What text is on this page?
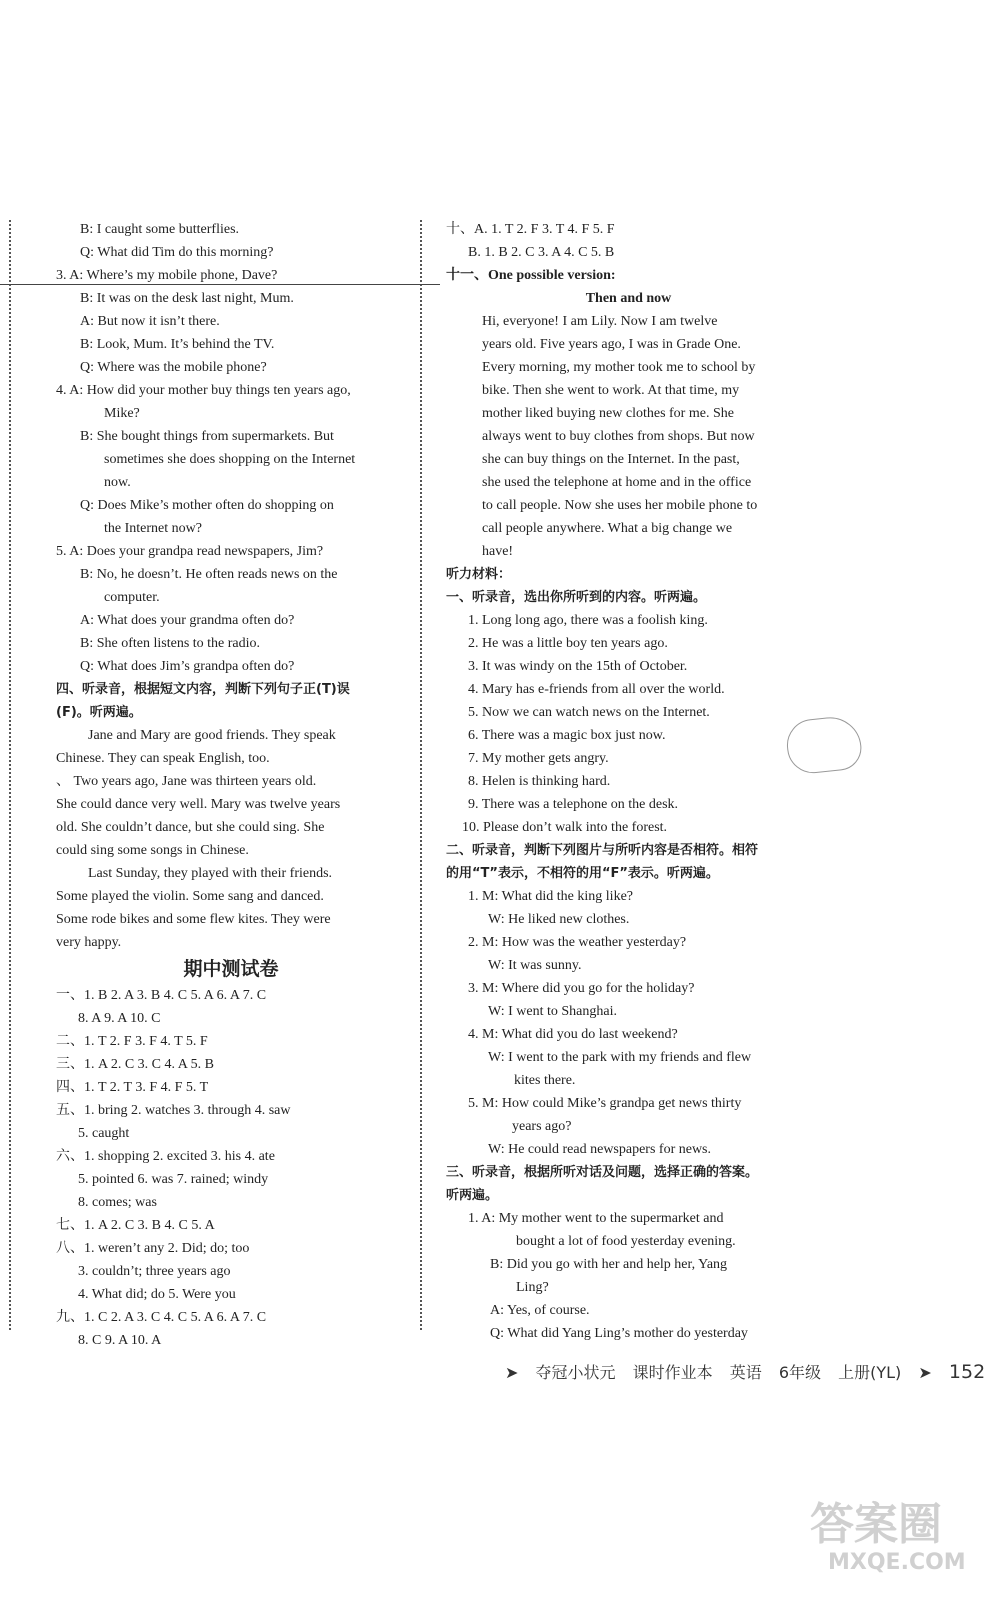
B: I caught some butterflies.
Q: What did Tim do this morning?
3. A: Where’s my mobile phone, Dave?
B: It was on the desk last night, Mum.
A: But now it isn’t there.
B: Look, Mum. It’s behind the TV.
Q: Where was the mobile phone?
4. A: How did your mother buy things ten years ago,
Mike?
B: She bought things from supermarkets. But
sometimes she does shopping on the Internet
now.
Q: Does Mike’s mother often do shopping on
the Internet now?
5. A: Does your grandpa read newspapers, Jim?
B: No, he doesn’t. He often reads news on the
computer.
A: What does your grandma often do?
B: She often listens to the radio.
Q: What does Jim’s grandpa often do?
四、听录音，根据短文内容，判断下列句子正(T)误
(F)。听两遍。
Jane and Mary are good friends. They speak
Chinese. They can speak English, too.
、 Two years ago, Jane was thirteen years old.
She could dance very well. Mary was twelve years
old. She couldn’t dance, but she could sing. She
could sing some songs in Chinese.
Last Sunday, they played with their friends.
Some played the violin. Some sang and danced.
Some rode bikes and some flew kites. They were
very happy.
期中测试卷
一、1. B 2. A 3. B 4. C 5. A 6. A 7. C
8. A 9. A 10. C
二、1. T 2. F 3. F 4. T 5. F
三、1. A 2. C 3. C 4. A 5. B
四、1. T 2. T 3. F 4. F 5. T
五、1. bring 2. watches 3. through 4. saw
5. caught
六、1. shopping 2. excited 3. his 4. ate
5. pointed 6. was 7. rained; windy
8. comes; was
七、1. A 2. C 3. B 4. C 5. A
八、1. weren’t any 2. Did; do; too
3. couldn’t; three years ago
4. What did; do 5. Were you
九、1. C 2. A 3. C 4. C 5. A 6. A 7. C
8. C 9. A 10. A
十、A. 1. T 2. F 3. T 4. F 5. F
B. 1. B 2. C 3. A 4. C 5. B
十一、One possible version:
Then and now
Hi, everyone! I am Lily. Now I am twelve
years old. Five years ago, I was in Grade One.
Every morning, my mother took me to school by
bike. Then she went to work. At that time, my
mother liked buying new clothes for me. She
always went to buy clothes from shops. But now
she can buy things on the Internet. In the past,
she used the telephone at home and in the office
to call people. Now she uses her mobile phone to
call people anywhere. What a big change we
have!
听力材料：
一、听录音，选出你所听到的内容。听两遍。
1. Long long ago, there was a foolish king.
2. He was a little boy ten years ago.
3. It was windy on the 15th of October.
4. Mary has e-friends from all over the world.
5. Now we can watch news on the Internet.
6. There was a magic box just now.
7. My mother gets angry.
8. Helen is thinking hard.
9. There was a telephone on the desk.
10. Please don’t walk into the forest.
二、听录音，判断下列图片与所听内容是否相符。相符
的用“T”表示，不相符的用“F”表示。听两遍。
1. M: What did the king like?
W: He liked new clothes.
2. M: How was the weather yesterday?
W: It was sunny.
3. M: Where did you go for the holiday?
W: I went to Shanghai.
4. M: What did you do last weekend?
W: I went to the park with my friends and flew
kites there.
5. M: How could Mike’s grandpa get news thirty
years ago?
W: He could read newspapers for news.
三、听录音，根据所听对话及问题，选择正确的答案。
听两遍。
1. A: My mother went to the supermarket and
bought a lot of food yesterday evening.
B: Did you go with her and help her, Yang
Ling?
A: Yes, of course.
Q: What did Yang Ling’s mother do yesterday
➤ 夺冠小状元 课时作业本 英语 6年级 上册(YL) ➤ 152
答案圈
MXQE.COM
